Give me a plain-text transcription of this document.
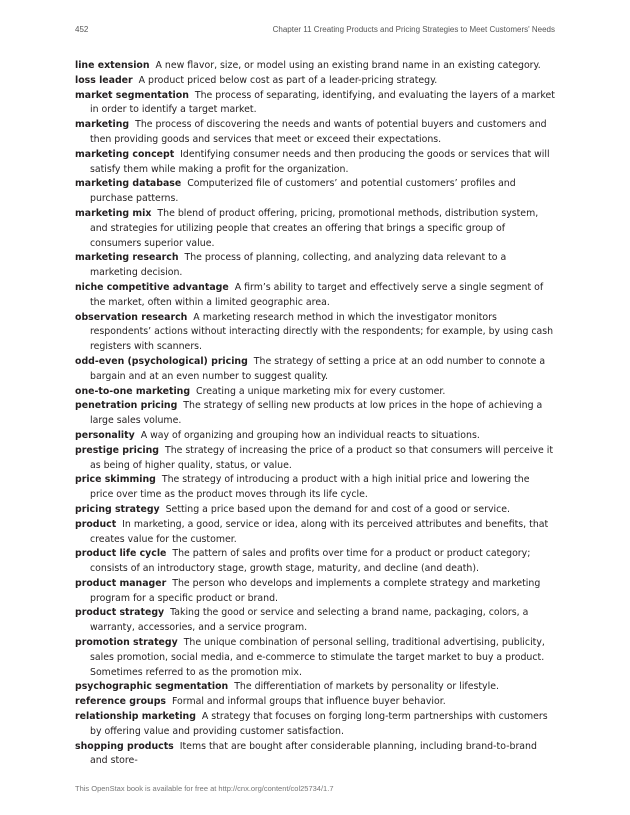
452	Chapter 11 Creating Products and Pricing Strategies to Meet Customers' Needs
line extension A new flavor, size, or model using an existing brand name in an existing category.
loss leader A product priced below cost as part of a leader-pricing strategy.
market segmentation The process of separating, identifying, and evaluating the layers of a market in order to identify a target market.
marketing The process of discovering the needs and wants of potential buyers and customers and then providing goods and services that meet or exceed their expectations.
marketing concept Identifying consumer needs and then producing the goods or services that will satisfy them while making a profit for the organization.
marketing database Computerized file of customers’ and potential customers’ profiles and purchase patterns.
marketing mix The blend of product offering, pricing, promotional methods, distribution system, and strategies for utilizing people that creates an offering that brings a specific group of consumers superior value.
marketing research The process of planning, collecting, and analyzing data relevant to a marketing decision.
niche competitive advantage A firm’s ability to target and effectively serve a single segment of the market, often within a limited geographic area.
observation research A marketing research method in which the investigator monitors respondents’ actions without interacting directly with the respondents; for example, by using cash registers with scanners.
odd-even (psychological) pricing The strategy of setting a price at an odd number to connote a bargain and at an even number to suggest quality.
one-to-one marketing Creating a unique marketing mix for every customer.
penetration pricing The strategy of selling new products at low prices in the hope of achieving a large sales volume.
personality A way of organizing and grouping how an individual reacts to situations.
prestige pricing The strategy of increasing the price of a product so that consumers will perceive it as being of higher quality, status, or value.
price skimming The strategy of introducing a product with a high initial price and lowering the price over time as the product moves through its life cycle.
pricing strategy Setting a price based upon the demand for and cost of a good or service.
product In marketing, a good, service or idea, along with its perceived attributes and benefits, that creates value for the customer.
product life cycle The pattern of sales and profits over time for a product or product category; consists of an introductory stage, growth stage, maturity, and decline (and death).
product manager The person who develops and implements a complete strategy and marketing program for a specific product or brand.
product strategy Taking the good or service and selecting a brand name, packaging, colors, a warranty, accessories, and a service program.
promotion strategy The unique combination of personal selling, traditional advertising, publicity, sales promotion, social media, and e-commerce to stimulate the target market to buy a product. Sometimes referred to as the promotion mix.
psychographic segmentation The differentiation of markets by personality or lifestyle.
reference groups Formal and informal groups that influence buyer behavior.
relationship marketing A strategy that focuses on forging long-term partnerships with customers by offering value and providing customer satisfaction.
shopping products Items that are bought after considerable planning, including brand-to-brand and store-
This OpenStax book is available for free at http://cnx.org/content/col25734/1.7
